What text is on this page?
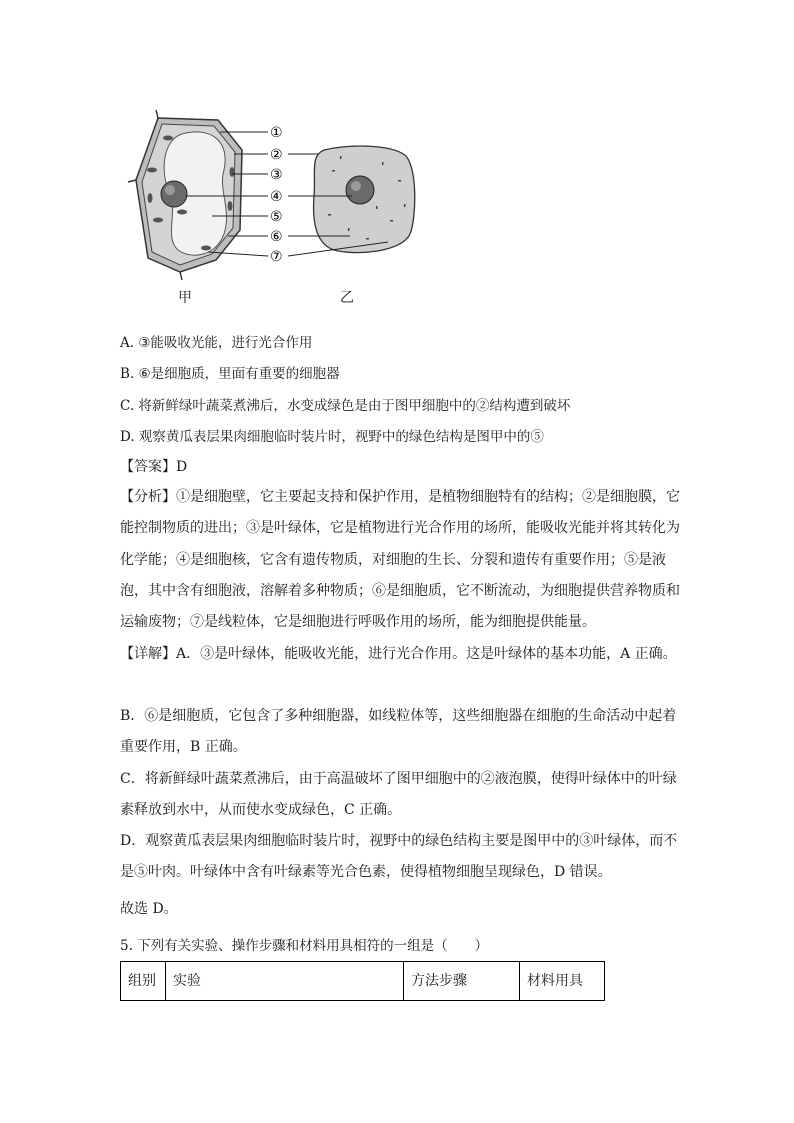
①
②
③
④
⑤
⑥
⑦
甲	乙
A. ③能吸收光能，进行光合作用
B. ⑥是细胞质，里面有重要的细胞器
C. 将新鲜绿叶蔬菜煮沸后，水变成绿色是由于图甲细胞中的②结构遭到破坏
D. 观察黄瓜表层果肉细胞临时装片时，视野中的绿色结构是图甲中的⑤
【答案】D
【分析】①是细胞壁，它主要起支持和保护作用，是植物细胞特有的结构；②是细胞膜，它能控制物质的进出；③是叶绿体，它是植物进行光合作用的场所，能吸收光能并将其转化为化学能；④是细胞核，它含有遗传物质，对细胞的生长、分裂和遗传有重要作用；⑤是液泡，其中含有细胞液，溶解着多种物质；⑥是细胞质，它不断流动，为细胞提供营养物质和运输废物；⑦是线粒体，它是细胞进行呼吸作用的场所，能为细胞提供能量。
【详解】A．③是叶绿体，能吸收光能，进行光合作用。这是叶绿体的基本功能，A 正确。
B．⑥是细胞质，它包含了多种细胞器，如线粒体等，这些细胞器在细胞的生命活动中起着重要作用，B 正确。
C．将新鲜绿叶蔬菜煮沸后，由于高温破坏了图甲细胞中的②液泡膜，使得叶绿体中的叶绿素释放到水中，从而使水变成绿色，C 正确。
D．观察黄瓜表层果肉细胞临时装片时，视野中的绿色结构主要是图甲中的③叶绿体，而不是⑤叶肉。叶绿体中含有叶绿素等光合色素，使得植物细胞呈现绿色，D 错误。
故选 D。
5. 下列有关实验、操作步骤和材料用具相符的一组是（　　）
组别	实验	方法步骤	材料用具
